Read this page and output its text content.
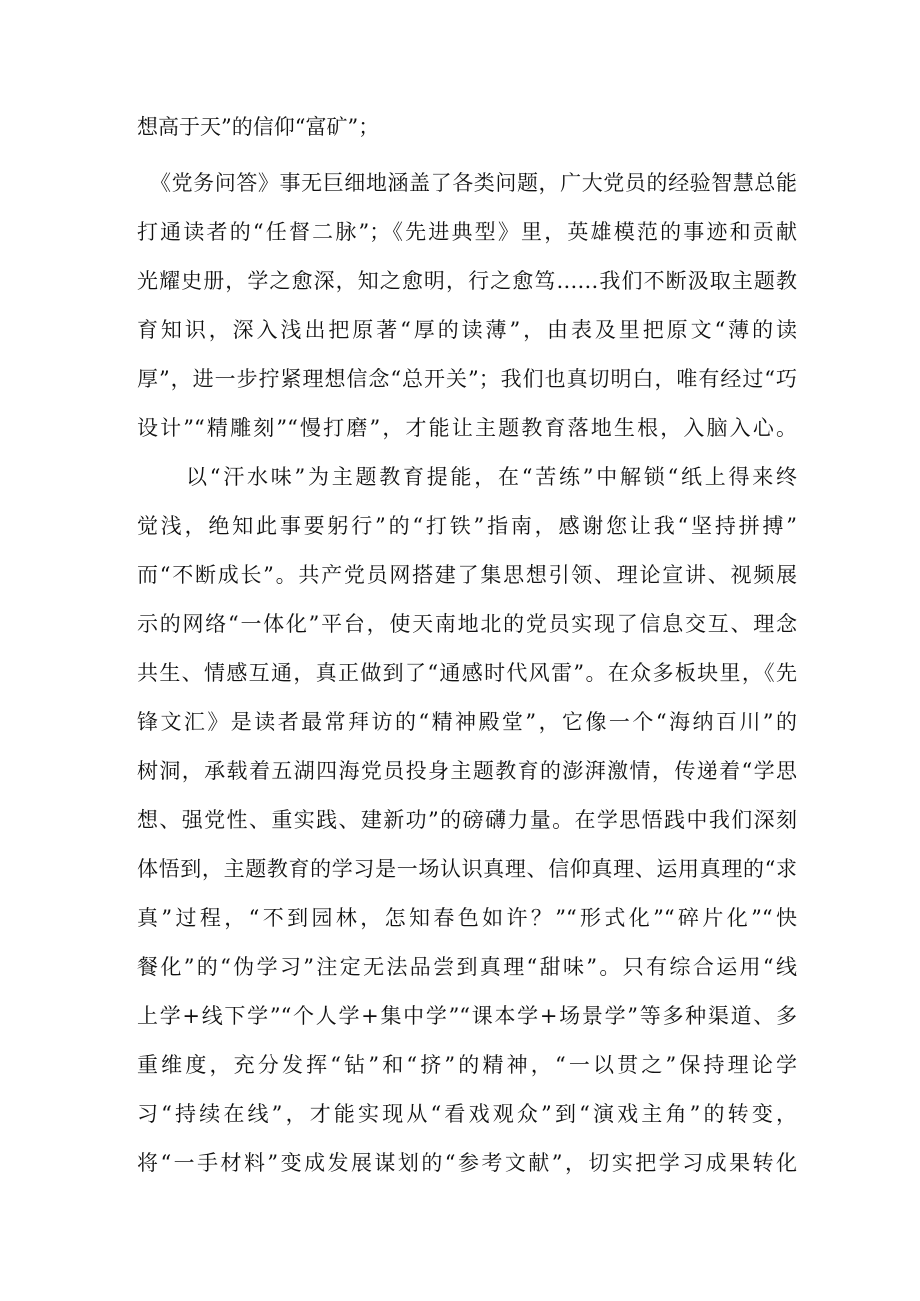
想高于天”的信仰“富矿”；
《党务问答》事无巨细地涵盖了各类问题，广大党员的经验智慧总能
打通读者的“任督二脉”；《先进典型》里，英雄模范的事迹和贡献
光耀史册，学之愈深，知之愈明，行之愈笃……我们不断汲取主题教
育知识，深入浅出把原著“厚的读薄”，由表及里把原文“薄的读
厚”，进一步拧紧理想信念“总开关”；我们也真切明白，唯有经过“巧
设计”“精雕刻”“慢打磨”，才能让主题教育落地生根，入脑入心。
以“汗水味”为主题教育提能，在“苦练”中解锁“纸上得来终
觉浅，绝知此事要躬行”的“打铁”指南，感谢您让我“坚持拼搏”
而“不断成长”。共产党员网搭建了集思想引领、理论宣讲、视频展
示的网络“一体化”平台，使天南地北的党员实现了信息交互、理念
共生、情感互通，真正做到了“通感时代风雷”。在众多板块里，《先
锋文汇》是读者最常拜访的“精神殿堂”，它像一个“海纳百川”的
树洞，承载着五湖四海党员投身主题教育的澎湃激情，传递着“学思
想、强党性、重实践、建新功”的磅礴力量。在学思悟践中我们深刻
体悟到，主题教育的学习是一场认识真理、信仰真理、运用真理的“求
真”过程，“不到园林，怎知春色如许？”“形式化”“碎片化”“快
餐化”的“伪学习”注定无法品尝到真理“甜味”。只有综合运用“线
上学+线下学”“个人学+集中学”“课本学+场景学”等多种渠道、多
重维度，充分发挥“钻”和“挤”的精神，“一以贯之”保持理论学
习“持续在线”，才能实现从“看戏观众”到“演戏主角”的转变，
将“一手材料”变成发展谋划的“参考文献”，切实把学习成果转化
